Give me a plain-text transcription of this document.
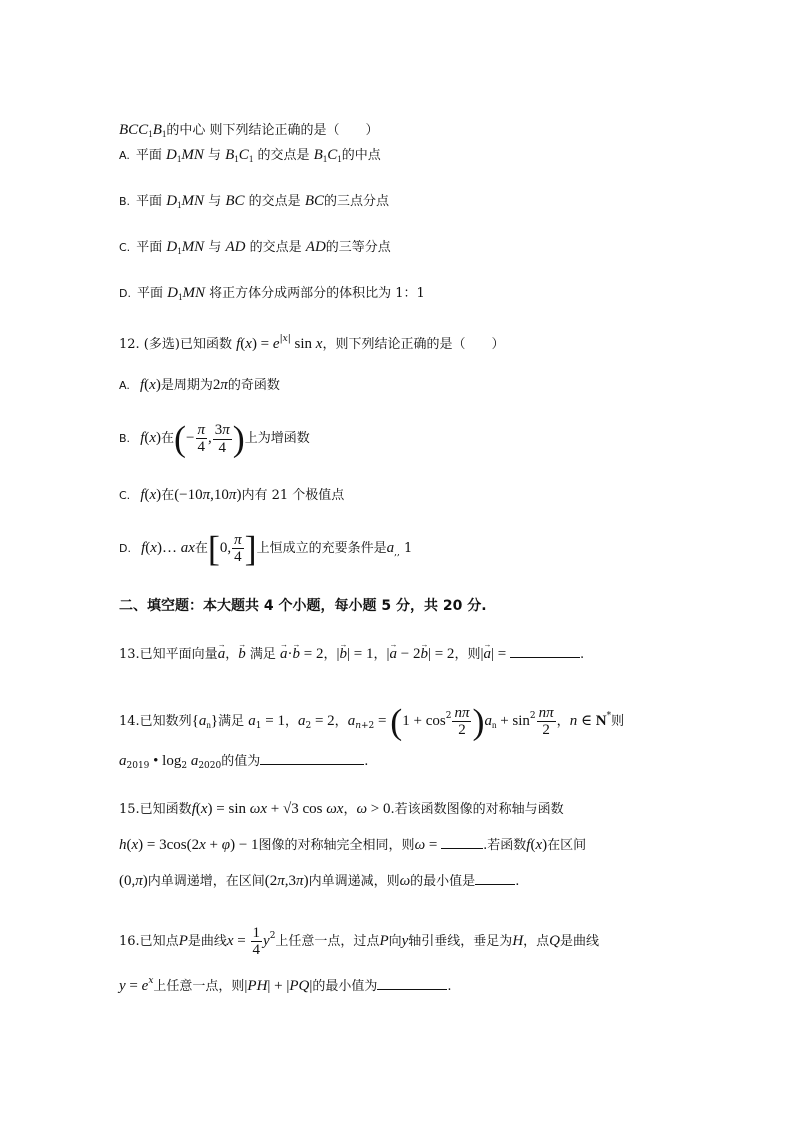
$BCC_1B_1$的中心 则下列结论正确的是（　　）
A. 平面 $D_1MN$ 与 $B_1C_1$ 的交点是 $B_1C_1$的中点
B. 平面 $D_1MN$ 与 BC 的交点是 BC的三点分点
C. 平面 $D_1MN$ 与 AD 的交点是 AD的三等分点
D. 平面 $D_1MN$ 将正方体分成两部分的体积比为 1：1
12. (多选)已知函数 $f(x) = e^{|x|}$ sin x，则下列结论正确的是（　　）
A. f(x)是周期为2π的奇函数
B. f(x)在(− $\frac{\pi}{4}$ , $\frac{3\pi}{4}$ )上为增函数
C. f(x)在(−10π,10π)内有 21 个极值点
D. f(x)… ax在[0, $\frac{\pi}{4}$ ]上恒成立的充要条件是$a_{,,}$ 1
二、填空题：本大题共 4 个小题，每小题 5 分，共 20 分.
13.已知平面向量→ a，→ b 满足 → a·→ b = 2，|→ b| = 1，|→ a − 2→ b| = 2，则|→ a| =	.
14.已知数列$\{a_n\}$满足 $a_1 = 1$，$a_2 = 2$，$a_{n+2} = (1 + \cos^2 \frac{n\pi}{2} )a_n + \sin^2 \frac{n\pi}{2}$ ，n ∈ N*则
$a_{2019}$ • $\log_2 a_{2020}$的值为	.
15.已知函数f(x) = sin ωx + √3 cos ωx，ω > 0.若该函数图像的对称轴与函数
h(x) = 3cos(2x + φ) − 1图像的对称轴完全相同，则ω =	.若函数f(x)在区间
(0,π)内单调递增，在区间(2π,3π)内单调递减，则ω的最小值是	.
16.已知点P是曲线$x = \frac{1}{4} y^2$上任意一点，过点P向y轴引垂线，垂足为H，点Q是曲线
$y = e^x$上任意一点，则|PH| + |PQ|的最小值为	.
